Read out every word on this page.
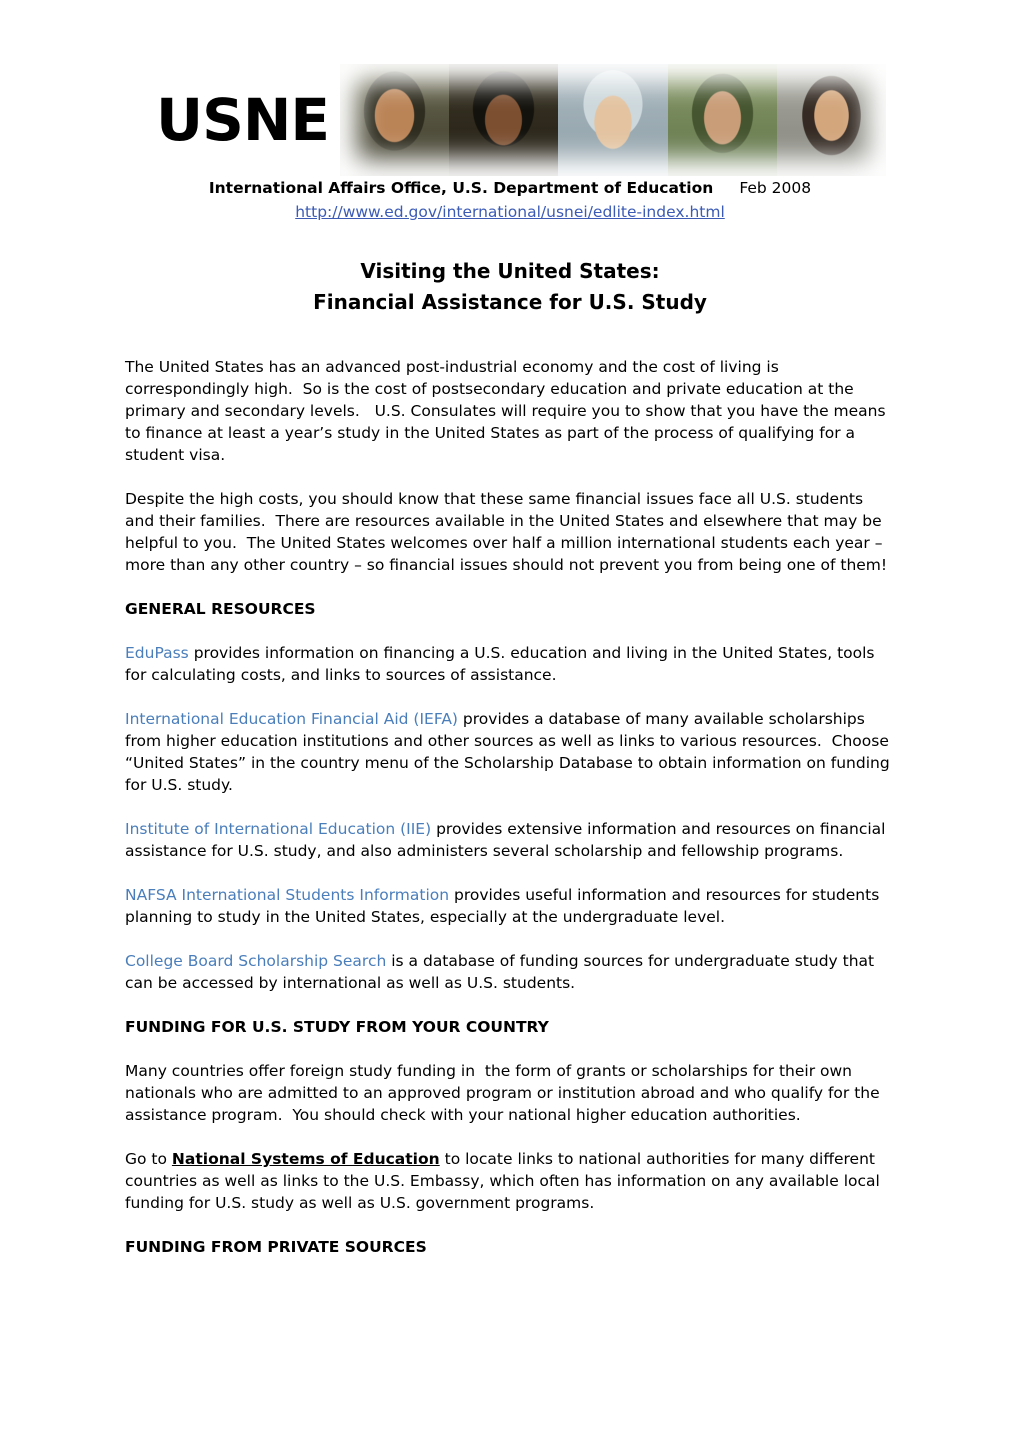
USNE
International Affairs Office, U.S. Department of Education Feb 2008
http://www.ed.gov/international/usnei/edlite-index.html
Visiting the United States:
Financial Assistance for U.S. Study

The United States has an advanced post-industrial economy and the cost of living is correspondingly high.  So is the cost of postsecondary education and private education at the primary and secondary levels.   U.S. Consulates will require you to show that you have the means to finance at least a year’s study in the United States as part of the process of qualifying for a student visa.

Despite the high costs, you should know that these same financial issues face all U.S. students and their families.  There are resources available in the United States and elsewhere that may be helpful to you.  The United States welcomes over half a million international students each year – more than any other country – so financial issues should not prevent you from being one of them!

GENERAL RESOURCES

EduPass provides information on financing a U.S. education and living in the United States, tools for calculating costs, and links to sources of assistance.

International Education Financial Aid (IEFA) provides a database of many available scholarships from higher education institutions and other sources as well as links to various resources.  Choose “United States” in the country menu of the Scholarship Database to obtain information on funding for U.S. study.

Institute of International Education (IIE) provides extensive information and resources on financial assistance for U.S. study, and also administers several scholarship and fellowship programs.

NAFSA International Students Information provides useful information and resources for students planning to study in the United States, especially at the undergraduate level.

College Board Scholarship Search is a database of funding sources for undergraduate study that can be accessed by international as well as U.S. students.

FUNDING FOR U.S. STUDY FROM YOUR COUNTRY

Many countries offer foreign study funding in  the form of grants or scholarships for their own nationals who are admitted to an approved program or institution abroad and who qualify for the assistance program.  You should check with your national higher education authorities.

Go to National Systems of Education to locate links to national authorities for many different countries as well as links to the U.S. Embassy, which often has information on any available local funding for U.S. study as well as U.S. government programs.

FUNDING FROM PRIVATE SOURCES
